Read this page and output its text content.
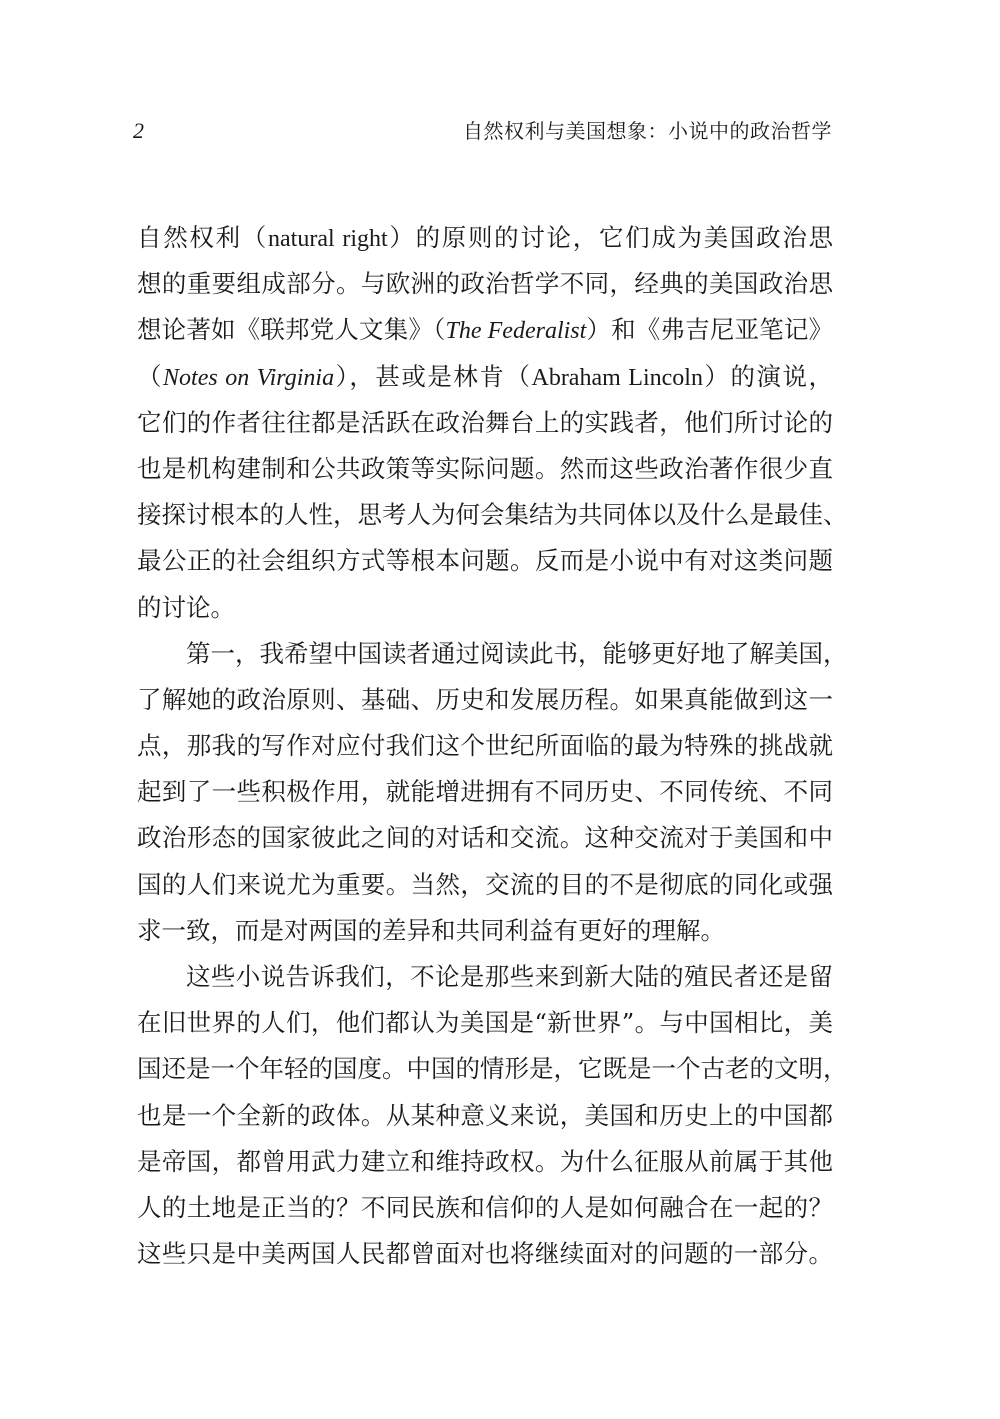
2	自然权利与美国想象：小说中的政治哲学
自然权利（natural right）的原则的讨论，它们成为美国政治思
想的重要组成部分。与欧洲的政治哲学不同，经典的美国政治思
想论著如《联邦党人文集》（The Federalist）和《弗吉尼亚笔记》
（Notes on Virginia），甚或是林肯（Abraham Lincoln）的演说，
它们的作者往往都是活跃在政治舞台上的实践者，他们所讨论的
也是机构建制和公共政策等实际问题。然而这些政治著作很少直
接探讨根本的人性，思考人为何会集结为共同体以及什么是最佳、
最公正的社会组织方式等根本问题。反而是小说中有对这类问题
的讨论。
第一，我希望中国读者通过阅读此书，能够更好地了解美国，
了解她的政治原则、基础、历史和发展历程。如果真能做到这一
点，那我的写作对应付我们这个世纪所面临的最为特殊的挑战就
起到了一些积极作用，就能增进拥有不同历史、不同传统、不同
政治形态的国家彼此之间的对话和交流。这种交流对于美国和中
国的人们来说尤为重要。当然，交流的目的不是彻底的同化或强
求一致，而是对两国的差异和共同利益有更好的理解。
这些小说告诉我们，不论是那些来到新大陆的殖民者还是留
在旧世界的人们，他们都认为美国是“新世界”。与中国相比，美
国还是一个年轻的国度。中国的情形是，它既是一个古老的文明，
也是一个全新的政体。从某种意义来说，美国和历史上的中国都
是帝国，都曾用武力建立和维持政权。为什么征服从前属于其他
人的土地是正当的？不同民族和信仰的人是如何融合在一起的？
这些只是中美两国人民都曾面对也将继续面对的问题的一部分。
